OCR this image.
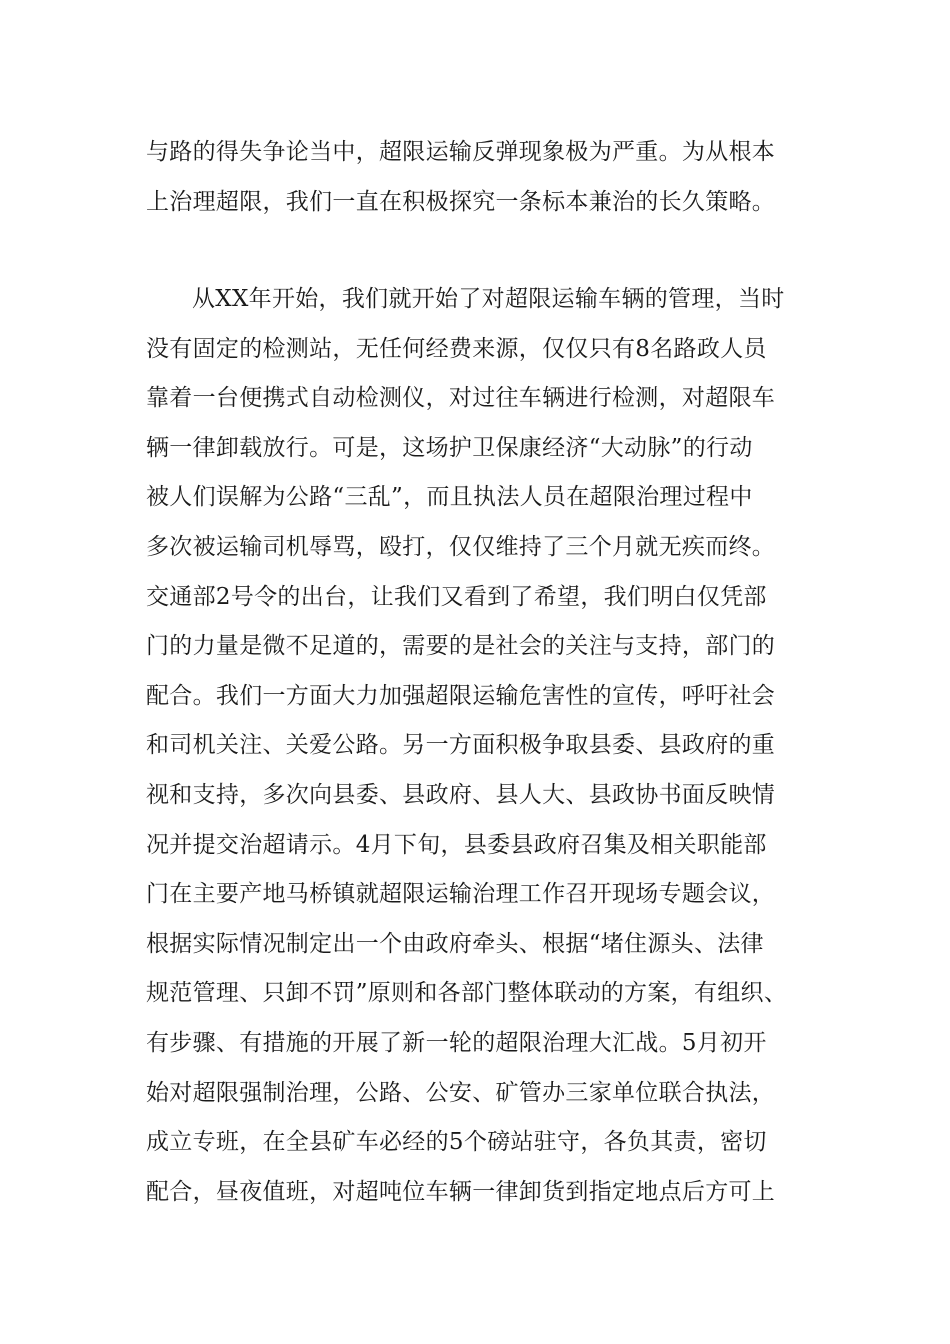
与路的得失争论当中，超限运输反弹现象极为严重。为从根本
上治理超限，我们一直在积极探究一条标本兼治的长久策略。
从XX年开始，我们就开始了对超限运输车辆的管理，当时
没有固定的检测站，无任何经费来源，仅仅只有8名路政人员
靠着一台便携式自动检测仪，对过往车辆进行检测，对超限车
辆一律卸载放行。可是，这场护卫保康经济“大动脉”的行动
被人们误解为公路“三乱”，而且执法人员在超限治理过程中
多次被运输司机辱骂，殴打，仅仅维持了三个月就无疾而终。
交通部2号令的出台，让我们又看到了希望，我们明白仅凭部
门的力量是微不足道的，需要的是社会的关注与支持，部门的
配合。我们一方面大力加强超限运输危害性的宣传，呼吁社会
和司机关注、关爱公路。另一方面积极争取县委、县政府的重
视和支持，多次向县委、县政府、县人大、县政协书面反映情
况并提交治超请示。4月下旬，县委县政府召集及相关职能部
门在主要产地马桥镇就超限运输治理工作召开现场专题会议，
根据实际情况制定出一个由政府牵头、根据“堵住源头、法律
规范管理、只卸不罚”原则和各部门整体联动的方案，有组织、
有步骤、有措施的开展了新一轮的超限治理大汇战。5月初开
始对超限强制治理，公路、公安、矿管办三家单位联合执法，
成立专班，在全县矿车必经的5个磅站驻守，各负其责，密切
配合，昼夜值班，对超吨位车辆一律卸货到指定地点后方可上
